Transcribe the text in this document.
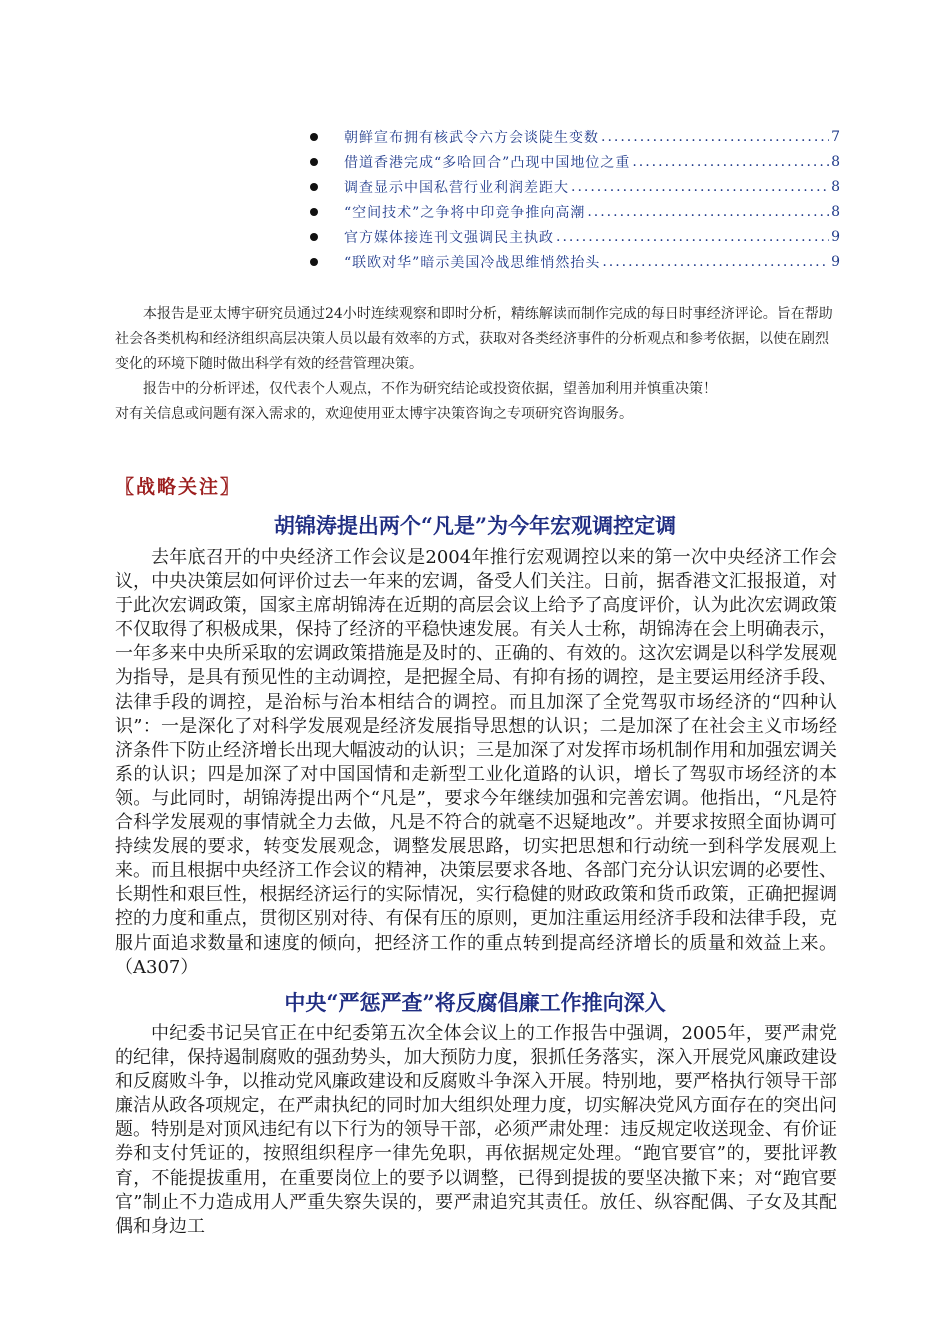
朝鲜宣布拥有核武令六方会谈陡生变数 .....	7
借道香港完成“多哈回合”凸现中国地位之重 .....	8
调查显示中国私营行业利润差距大 .....	8
“空间技术”之争将中印竞争推向高潮 .....	8
官方媒体接连刊文强调民主执政 .....	9
“联欧对华”暗示美国冷战思维悄然抬头 .....	9

本报告是亚太博宇研究员通过24小时连续观察和即时分析，精练解读而制作完成的每日时事经济评论。旨在帮助社会各类机构和经济组织高层决策人员以最有效率的方式，获取对各类经济事件的分析观点和参考依据，以使在剧烈变化的环境下随时做出科学有效的经营管理决策。

报告中的分析评述，仅代表个人观点，不作为研究结论或投资依据，望善加利用并慎重决策！

对有关信息或问题有深入需求的，欢迎使用亚太博宇决策咨询之专项研究咨询服务。

〖战略关注〗
胡锦涛提出两个“凡是”为今年宏观调控定调

去年底召开的中央经济工作会议是2004年推行宏观调控以来的第一次中央经济工作会议，中央决策层如何评价过去一年来的宏调，备受人们关注。日前，据香港文汇报报道，对于此次宏调政策，国家主席胡锦涛在近期的高层会议上给予了高度评价，认为此次宏调政策不仅取得了积极成果，保持了经济的平稳快速发展。有关人士称，胡锦涛在会上明确表示，一年多来中央所采取的宏调政策措施是及时的、正确的、有效的。这次宏调是以科学发展观为指导，是具有预见性的主动调控，是把握全局、有抑有扬的调控，是主要运用经济手段、法律手段的调控，是治标与治本相结合的调控。而且加深了全党驾驭市场经济的“四种认识”：一是深化了对科学发展观是经济发展指导思想的认识；二是加深了在社会主义市场经济条件下防止经济增长出现大幅波动的认识；三是加深了对发挥市场机制作用和加强宏调关系的认识；四是加深了对中国国情和走新型工业化道路的认识，增长了驾驭市场经济的本领。与此同时，胡锦涛提出两个“凡是”，要求今年继续加强和完善宏调。他指出，“凡是符合科学发展观的事情就全力去做，凡是不符合的就毫不迟疑地改”。并要求按照全面协调可持续发展的要求，转变发展观念，调整发展思路，切实把思想和行动统一到科学发展观上来。而且根据中央经济工作会议的精神，决策层要求各地、各部门充分认识宏调的必要性、长期性和艰巨性，根据经济运行的实际情况，实行稳健的财政政策和货币政策，正确把握调控的力度和重点，贯彻区别对待、有保有压的原则，更加注重运用经济手段和法律手段，克服片面追求数量和速度的倾向，把经济工作的重点转到提高经济增长的质量和效益上来。（A307）

中央“严惩严查”将反腐倡廉工作推向深入

中纪委书记吴官正在中纪委第五次全体会议上的工作报告中强调，2005年，要严肃党的纪律，保持遏制腐败的强劲势头，加大预防力度，狠抓任务落实，深入开展党风廉政建设和反腐败斗争，以推动党风廉政建设和反腐败斗争深入开展。特别地，要严格执行领导干部廉洁从政各项规定，在严肃执纪的同时加大组织处理力度，切实解决党风方面存在的突出问题。特别是对顶风违纪有以下行为的领导干部，必须严肃处理：违反规定收送现金、有价证券和支付凭证的，按照组织程序一律先免职，再依据规定处理。“跑官要官”的，要批评教育，不能提拔重用，在重要岗位上的要予以调整，已得到提拔的要坚决撤下来；对“跑官要官”制止不力造成用人严重失察失误的，要严肃追究其责任。放任、纵容配偶、子女及其配偶和身边工
